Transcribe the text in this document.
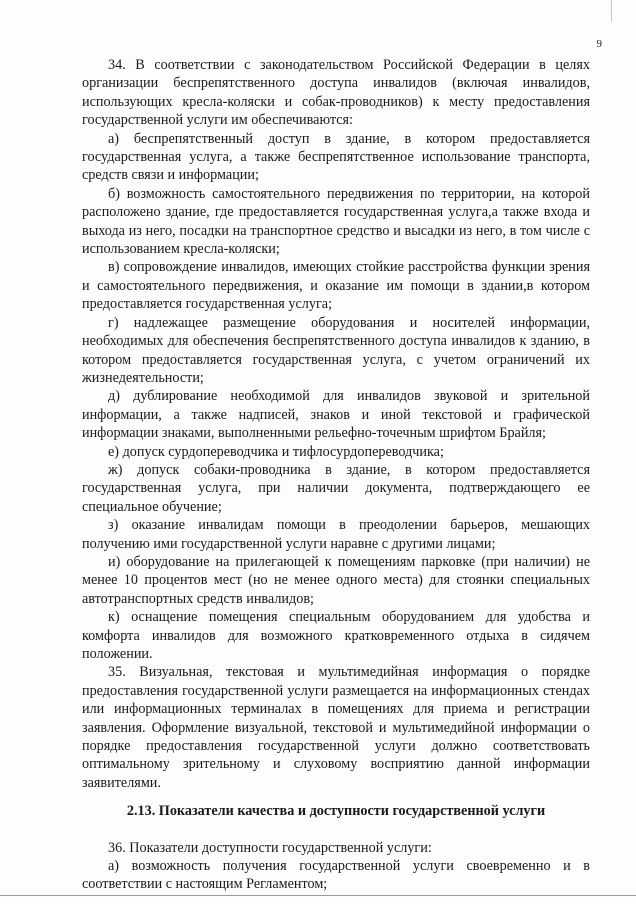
9

34. В соответствии с законодательством Российской Федерации в целях организации беспрепятственного доступа инвалидов (включая инвалидов, использующих кресла-коляски и собак-проводников) к месту предоставления государственной услуги им обеспечиваются:

а) беспрепятственный доступ в здание, в котором предоставляется государственная услуга, а также беспрепятственное использование транспорта, средств связи и информации;

б) возможность самостоятельного передвижения по территории, на которой расположено здание, где предоставляется государственная услуга,а также входа и выхода из него, посадки на транспортное средство и высадки из него, в том числе с использованием кресла-коляски;

в) сопровождение инвалидов, имеющих стойкие расстройства функции зрения и самостоятельного передвижения, и оказание им помощи в здании,в котором предоставляется государственная услуга;

г) надлежащее размещение оборудования и носителей информации, необходимых для обеспечения беспрепятственного доступа инвалидов к зданию, в котором предоставляется государственная услуга, с учетом ограничений их жизнедеятельности;

д) дублирование необходимой для инвалидов звуковой и зрительной информации, а также надписей, знаков и иной текстовой и графической информации знаками, выполненными рельефно-точечным шрифтом Брайля;

е) допуск сурдопереводчика и тифлосурдопереводчика;

ж) допуск собаки-проводника в здание, в котором предоставляется государственная услуга, при наличии документа, подтверждающего ее специальное обучение;

з) оказание инвалидам помощи в преодолении барьеров, мешающих получению ими государственной услуги наравне с другими лицами;

и) оборудование на прилегающей к помещениям парковке (при наличии) не менее 10 процентов мест (но не менее одного места) для стоянки специальных автотранспортных средств инвалидов;

к) оснащение помещения специальным оборудованием для удобства и комфорта инвалидов для возможного кратковременного отдыха в сидячем положении.

35. Визуальная, текстовая и мультимедийная информация о порядке предоставления государственной услуги размещается на информационных стендах или информационных терминалах в помещениях для приема и регистрации заявления. Оформление визуальной, текстовой и мультимедийной информации о порядке предоставления государственной услуги должно соответствовать оптимальному зрительному и слуховому восприятию данной информации заявителями.

2.13. Показатели качества и доступности государственной услуги

36. Показатели доступности государственной услуги:

а) возможность получения государственной услуги своевременно и в соответствии с настоящим Регламентом;
